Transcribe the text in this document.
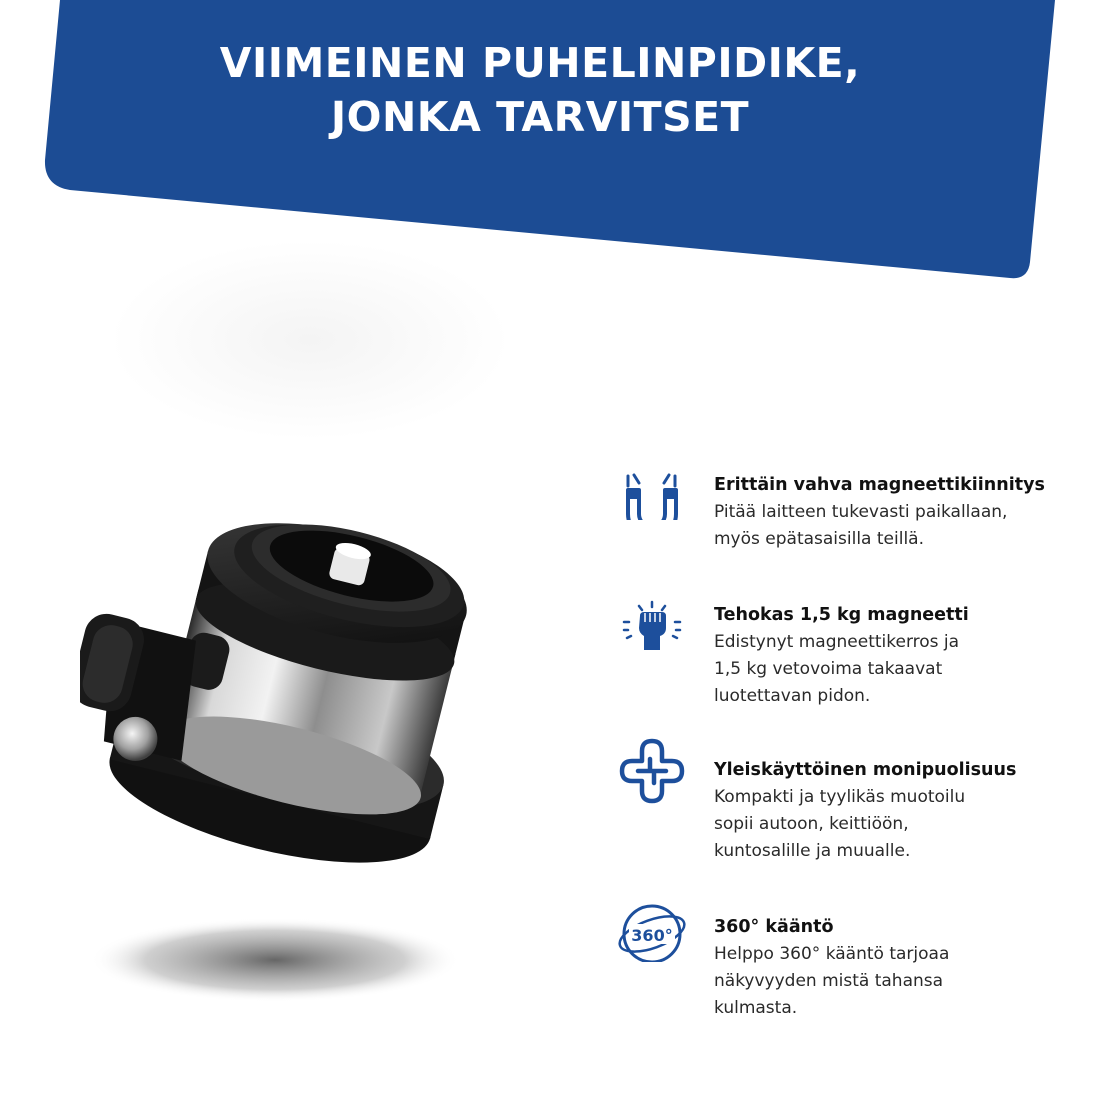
VIIMEINEN PUHELINPIDIKE,
JONKA TARVITSET
Erittäin vahva magneettikiinnitys
Pitää laitteen tukevasti paikallaan,
myös epätasaisilla teillä.
Tehokas 1,5 kg magneetti
Edistynyt magneettikerros ja
1,5 kg vetovoima takaavat
luotettavan pidon.
Yleiskäyttöinen monipuolisuus
Kompakti ja tyylikäs muotoilu
sopii autoon, keittiöön,
kuntosalille ja muualle.
360° 360° kääntö
Helppo 360° kääntö tarjoaa
näkyvyyden mistä tahansa
kulmasta.
